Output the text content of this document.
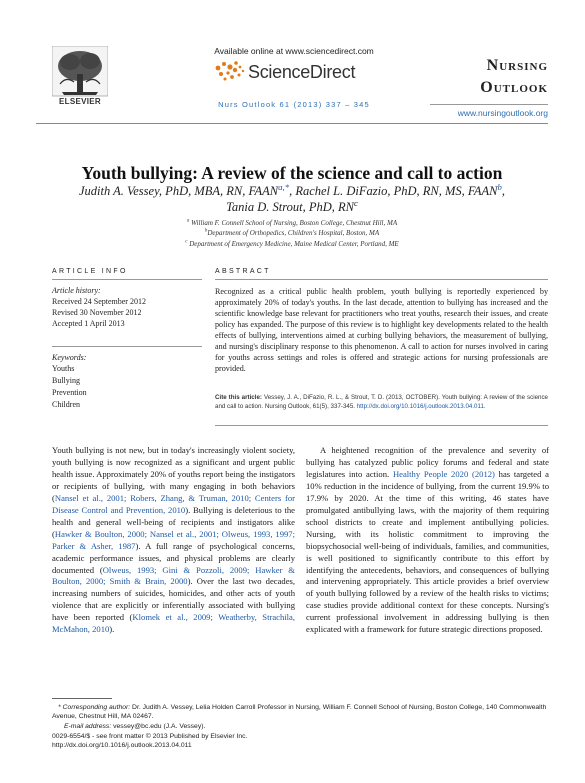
ELSEVIER
Available online at www.sciencedirect.com
ScienceDirect
Nurs Outlook 61 (2013) 337 – 345
Nursing
Outlook
www.nursingoutlook.org
Youth bullying: A review of the science and call to action
Judith A. Vessey, PhD, MBA, RN, $FAAN^{a,*}$, Rachel L. DiFazio, PhD, RN, MS, FAAN$^b$,
Tania D. Strout, PhD, $RN^c$
$^a$ William F. Connell School of Nursing, Boston College, Chestnut Hill, MA
$^b$Department of Orthopedics, Children's Hospital, Boston, MA
$^c$ Department of Emergency Medicine, Maine Medical Center, Portland, ME
ARTICLE INFO
Article history:
Received 24 September 2012
Revised 30 November 2012
Accepted 1 April 2013
Keywords:
Youths
Bullying
Prevention
Children
ABSTRACT
Recognized as a critical public health problem, youth bullying is reportedly experienced by approximately 20% of today's youths. In the last decade, attention to bullying has increased and the scientific knowledge base relevant for practitioners who treat youths, research their issues, and create policy has expanded. The purpose of this review is to highlight key developments related to the health effects of bullying, interventions aimed at curbing bullying behaviors, the measurement of bullying, and nursing's disciplinary response to this phenomenon. A call to action for nurses involved in caring for youths across settings and roles is offered and strategic actions for nursing professionals are provided.
Cite this article: Vessey, J. A., DiFazio, R. L., & Strout, T. D. (2013, OCTOBER). Youth bullying: A review of the science and call to action. Nursing Outlook, 61(5), 337-345. http://dx.doi.org/10.1016/j.outlook.2013.04.011.

Youth bullying is not new, but in today's increasingly violent society, youth bullying is now recognized as a significant and urgent public health issue. Approximately 20% of youths report being the instigators or recipients of bullying, with many engaging in both behaviors (Nansel et al., 2001; Robers, Zhang, & Truman, 2010; Centers for Disease Control and Prevention, 2010). Bullying is deleterious to the health and general well-being of recipients and instigators alike (Hawker & Boulton, 2000; Nansel et al., 2001; Olweus, 1993, 1997; Parker & Asher, 1987). A full range of psychological concerns, academic performance issues, and physical problems are clearly documented (Olweus, 1993; Gini & Pozzoli, 2009; Hawker & Boulton, 2000; Smith & Brain, 2000). Over the last two decades, increasing numbers of suicides, homicides, and other acts of youth violence that are explicitly or inferentially associated with bullying have been reported (Klomek et al., 2009; Weatherby, Strachila, McMahon, 2010).

A heightened recognition of the prevalence and severity of bullying has catalyzed public policy forums and federal and state legislatures into action. Healthy People 2020 (2012) has targeted a 10% reduction in the incidence of bullying, from the current 19.9% to 17.9% by 2020. At the time of this writing, 46 states have promulgated antibullying laws, with the majority of them requiring school districts to create and implement antibullying policies. Nursing, with its holistic commitment to improving the biopsychosocial well-being of individuals, families, and communities, is well positioned to significantly contribute to this effort by identifying the antecedents, behaviors, and consequences of bullying and intervening appropriately. This article provides a brief overview of youth bullying followed by a review of the health risks to victims; case studies provide additional context for these concepts. Nursing's current professional involvement in addressing bullying is then explicated with a framework for future strategic directions proposed.

* Corresponding author: Dr. Judith A. Vessey, Lelia Holden Carroll Professor in Nursing, William F. Connell School of Nursing, Boston College, 140 Commonwealth Avenue, Chestnut Hill, MA 02467.
E-mail address: vessey@bc.edu (J.A. Vessey).
0029-6554/$ - see front matter © 2013 Published by Elsevier Inc.
http://dx.doi.org/10.1016/j.outlook.2013.04.011
